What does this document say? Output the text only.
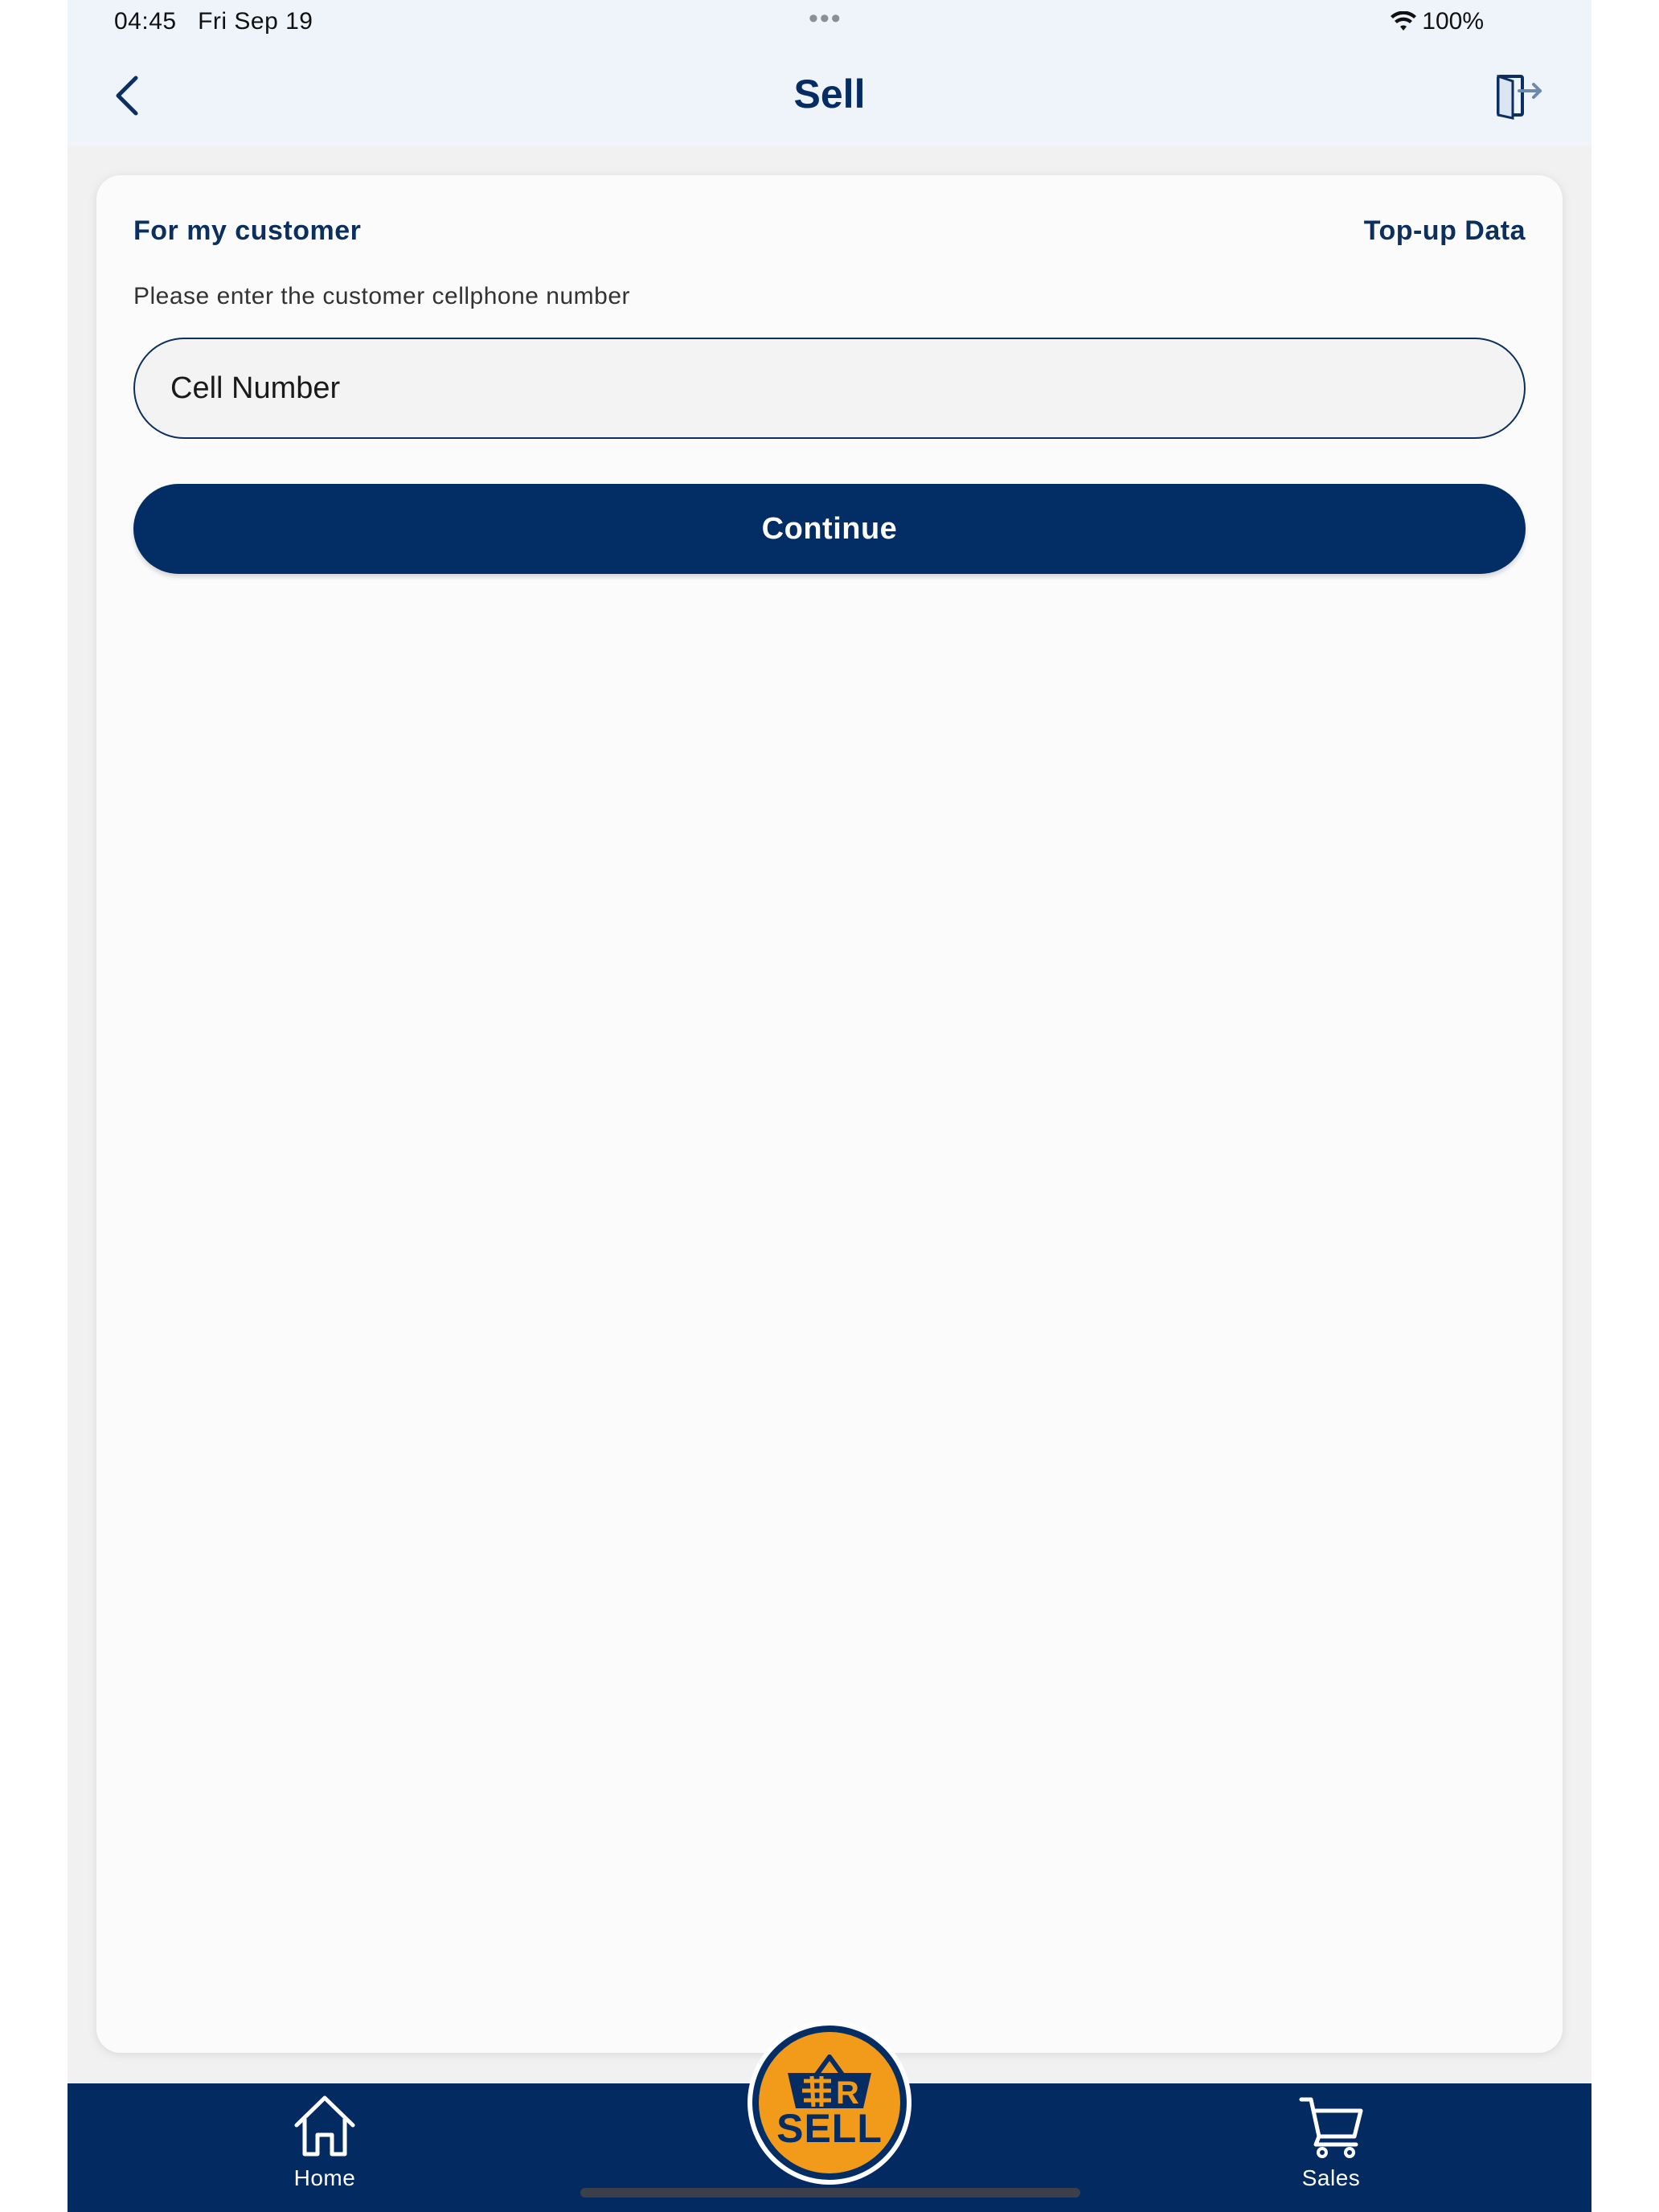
04:45 Fri Sep 19	•••	100%
Sell
For my customer	Top-up Data
Please enter the customer cellphone number
Cell Number
Continue
Home	Sales
R
SELL
